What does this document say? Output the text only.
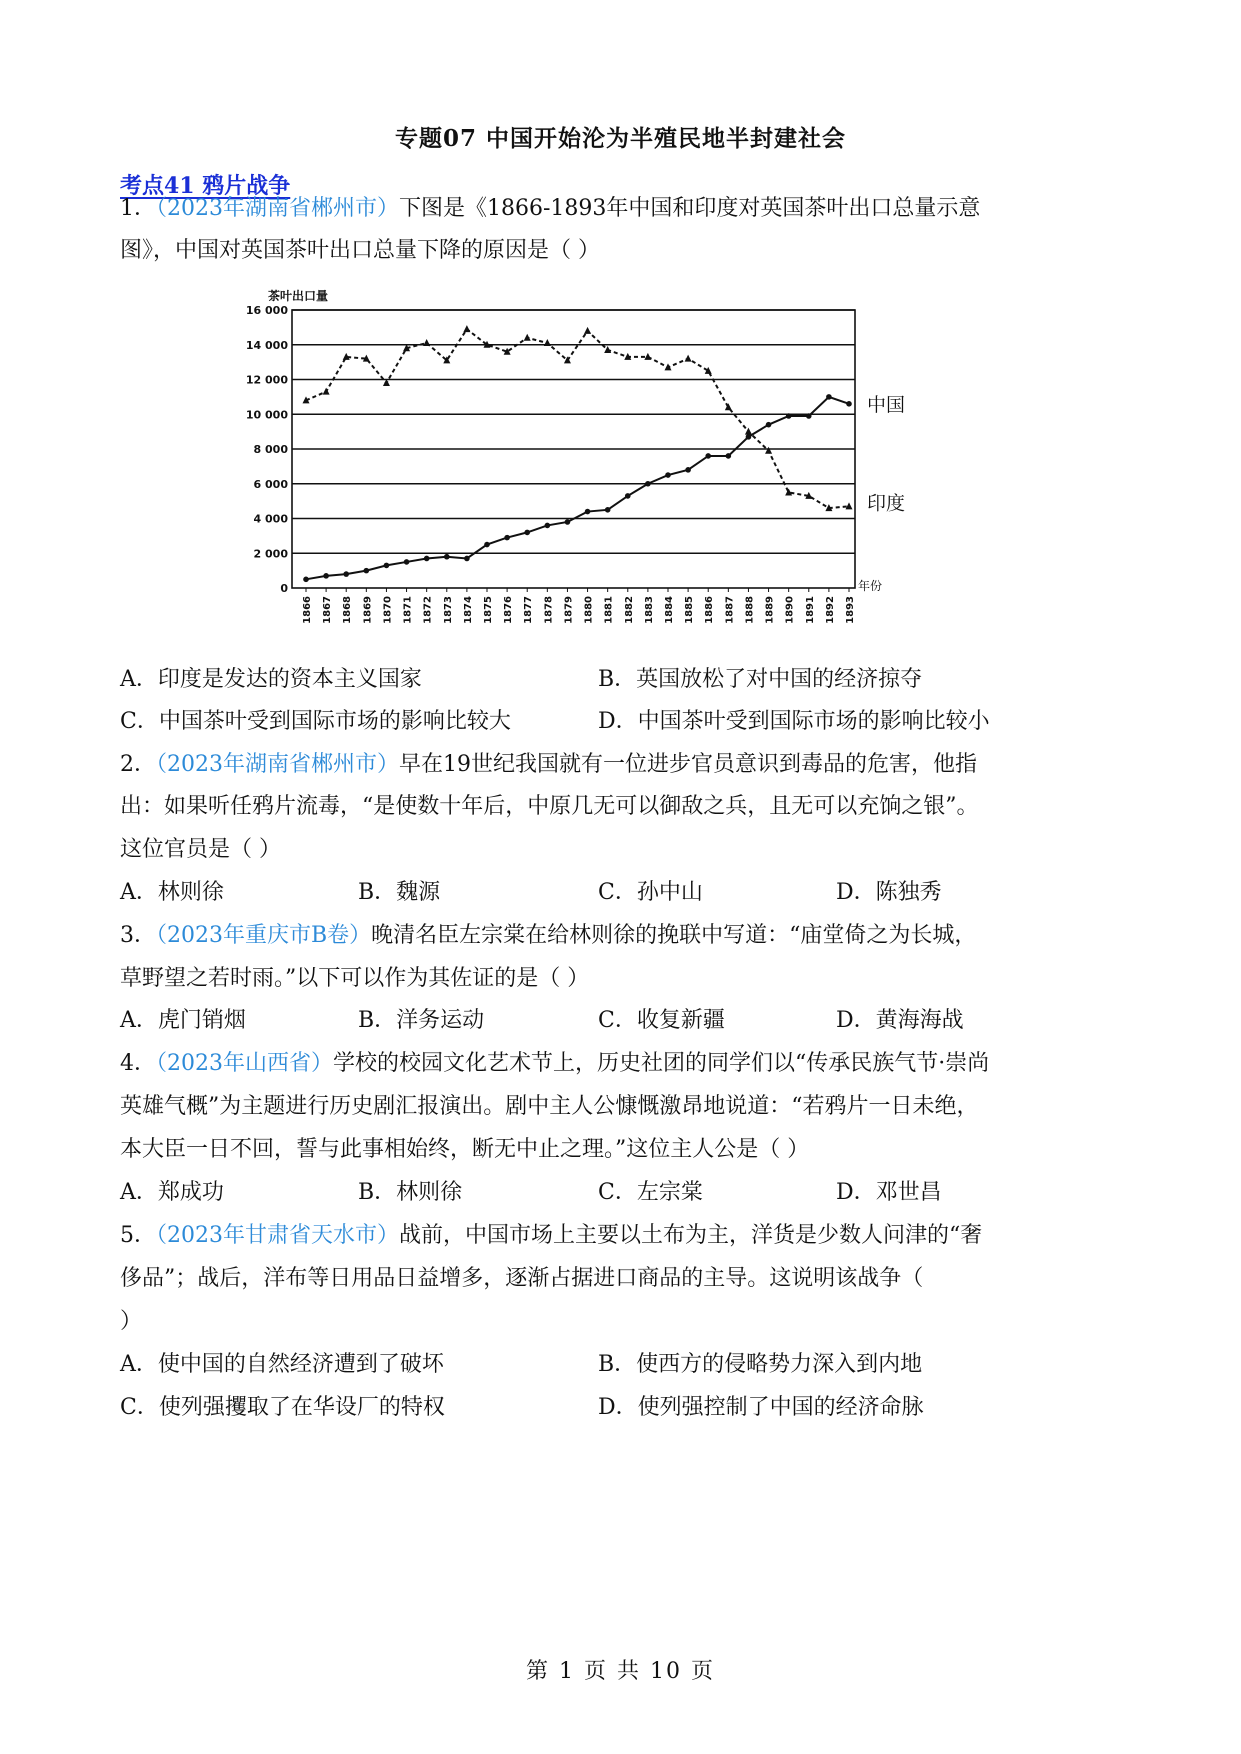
专题07 中国开始沦为半殖民地半封建社会
考点41 鸦片战争
1．（2023年湖南省郴州市）下图是《1866-1893年中国和印度对英国茶叶出口总量示意
图》，中国对英国茶叶出口总量下降的原因是（ ）
0
2 000
4 000
6 000
8 000
10 000
12 000
14 000
16 000
茶叶出口量
年份
1866 1867 1868 1869 1870 1871 1872 1873 1874 1875 1876 1877 1878 1879 1880 1881 1882 1883 1884 1885 1886 1887 1888 1889 1890 1891 1892 1893
印度
中国
A．印度是发达的资本主义国家	B．英国放松了对中国的经济掠夺
C．中国茶叶受到国际市场的影响比较大	D．中国茶叶受到国际市场的影响比较小
2．（2023年湖南省郴州市）早在19世纪我国就有一位进步官员意识到毒品的危害，他指
出：如果听任鸦片流毒，“是使数十年后，中原几无可以御敌之兵，且无可以充饷之银”。
这位官员是（ ）
A．林则徐	B．魏源	C．孙中山	D．陈独秀
3．（2023年重庆市B卷）晚清名臣左宗棠在给林则徐的挽联中写道：“庙堂倚之为长城，
草野望之若时雨。”以下可以作为其佐证的是（ ）
A．虎门销烟	B．洋务运动	C．收复新疆	D．黄海海战
4．（2023年山西省）学校的校园文化艺术节上，历史社团的同学们以“传承民族气节·崇尚
英雄气概”为主题进行历史剧汇报演出。剧中主人公慷慨激昂地说道：“若鸦片一日未绝，
本大臣一日不回，誓与此事相始终，断无中止之理。”这位主人公是（ ）
A．郑成功	B．林则徐	C．左宗棠	D．邓世昌
5．（2023年甘肃省天水市）战前，中国市场上主要以土布为主，洋货是少数人问津的“奢
侈品”；战后，洋布等日用品日益增多，逐渐占据进口商品的主导。这说明该战争（
）
A．使中国的自然经济遭到了破坏	B．使西方的侵略势力深入到内地
C．使列强攫取了在华设厂的特权	D．使列强控制了中国的经济命脉
第 1 页 共 10 页
